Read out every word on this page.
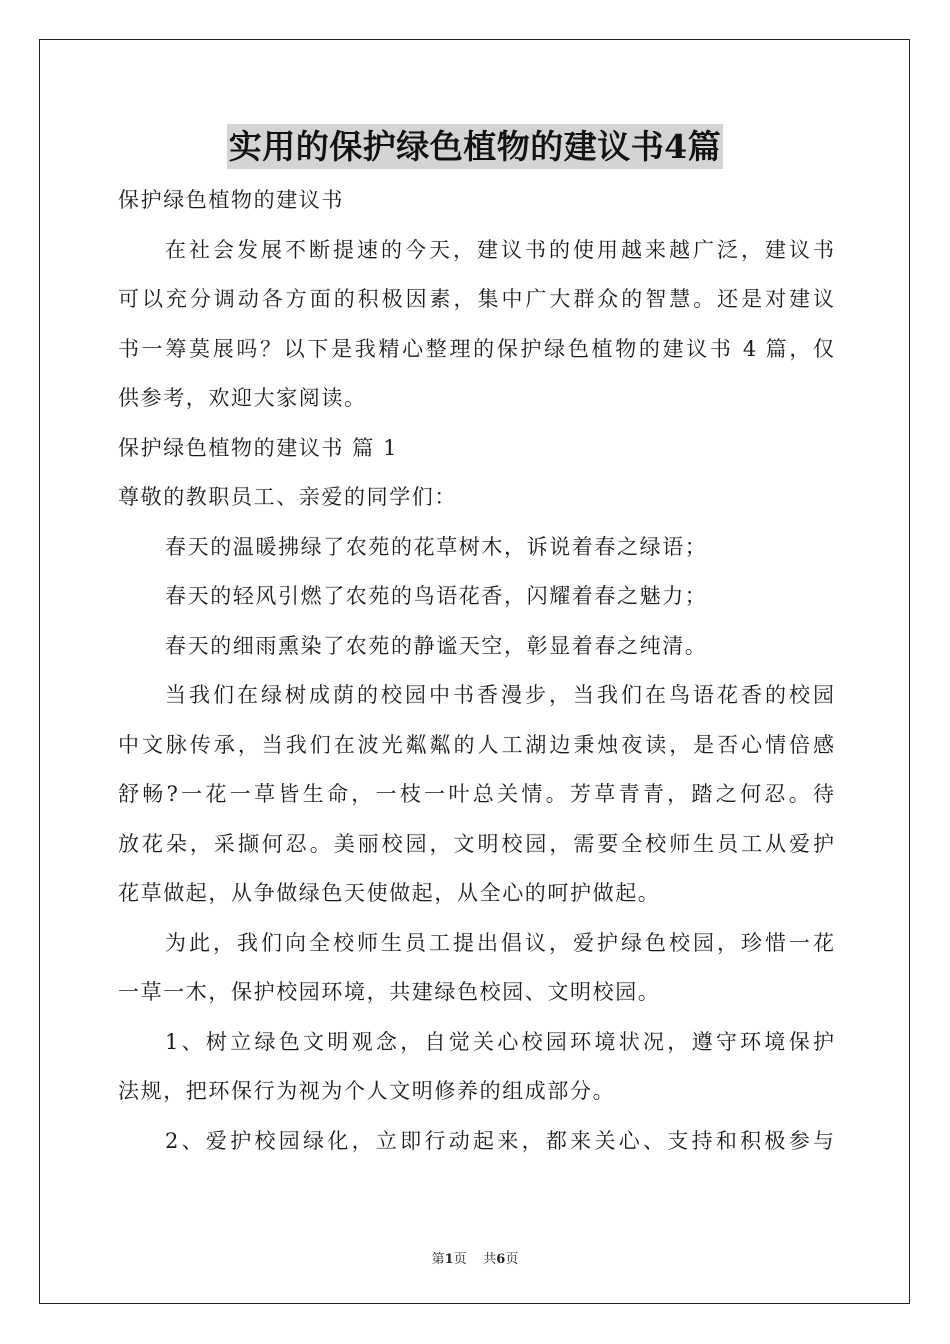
实用的保护绿色植物的建议书4篇
保护绿色植物的建议书
在社会发展不断提速的今天，建议书的使用越来越广泛，建议书
可以充分调动各方面的积极因素，集中广大群众的智慧。还是对建议
书一筹莫展吗？以下是我精心整理的保护绿色植物的建议书 4 篇，仅
供参考，欢迎大家阅读。
保护绿色植物的建议书 篇 1
尊敬的教职员工、亲爱的同学们：
春天的温暖拂绿了农苑的花草树木，诉说着春之绿语；
春天的轻风引燃了农苑的鸟语花香，闪耀着春之魅力；
春天的细雨熏染了农苑的静谧天空，彰显着春之纯清。
当我们在绿树成荫的校园中书香漫步，当我们在鸟语花香的校园
中文脉传承，当我们在波光粼粼的人工湖边秉烛夜读，是否心情倍感
舒畅?一花一草皆生命，一枝一叶总关情。芳草青青，踏之何忍。待
放花朵，采撷何忍。美丽校园，文明校园，需要全校师生员工从爱护
花草做起，从争做绿色天使做起，从全心的呵护做起。
为此，我们向全校师生员工提出倡议，爱护绿色校园，珍惜一花
一草一木，保护校园环境，共建绿色校园、文明校园。
1、树立绿色文明观念，自觉关心校园环境状况，遵守环境保护
法规，把环保行为视为个人文明修养的组成部分。
2、爱护校园绿化，立即行动起来，都来关心、支持和积极参与
第1页 共6页
